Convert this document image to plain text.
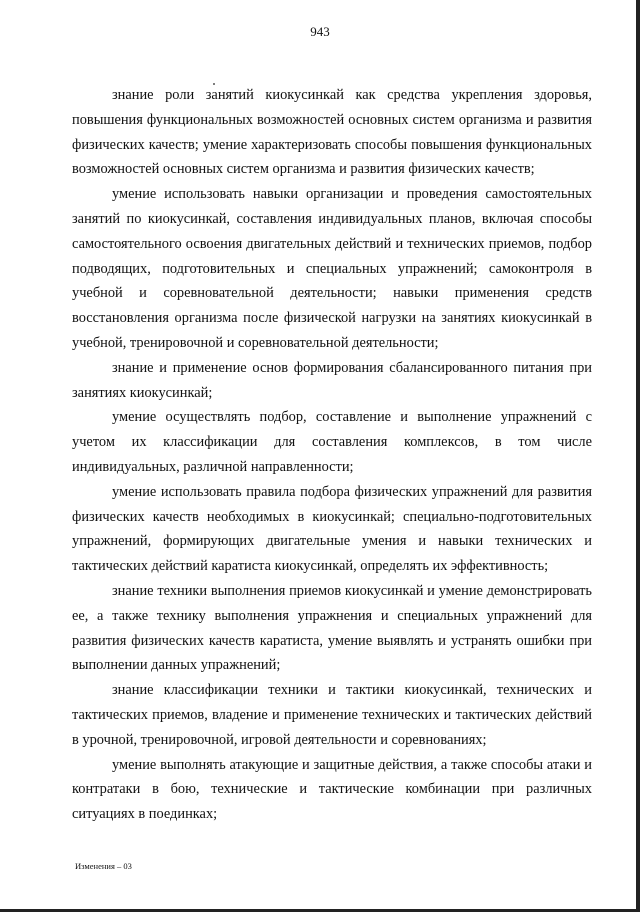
943

знание роли занятий киокусинкай как средства укрепления здоровья, повышения функциональных возможностей основных систем организма и развития физических качеств; умение характеризовать способы повышения функциональных возможностей основных систем организма и развития физических качеств;

умение использовать навыки организации и проведения самостоятельных занятий по киокусинкай, составления индивидуальных планов, включая способы самостоятельного освоения двигательных действий и технических приемов, подбор подводящих, подготовительных и специальных упражнений; самоконтроля в учебной и соревновательной деятельности; навыки применения средств восстановления организма после физической нагрузки на занятиях киокусинкай в учебной, тренировочной и соревновательной деятельности;

знание и применение основ формирования сбалансированного питания при занятиях киокусинкай;

умение осуществлять подбор, составление и выполнение упражнений с учетом их классификации для составления комплексов, в том числе индивидуальных, различной направленности;

умение использовать правила подбора физических упражнений для развития физических качеств необходимых в киокусинкай; специально-подготовительных упражнений, формирующих двигательные умения и навыки технических и тактических действий каратиста киокусинкай, определять их эффективность;

знание техники выполнения приемов киокусинкай и умение демонстрировать ее, а также технику выполнения упражнения и специальных упражнений для развития физических качеств каратиста, умение выявлять и устранять ошибки при выполнении данных упражнений;

знание классификации техники и тактики киокусинкай, технических и тактических приемов, владение и применение технических и тактических действий в урочной, тренировочной, игровой деятельности и соревнованиях;

умение выполнять атакующие и защитные действия, а также способы атаки и контратаки в бою, технические и тактические комбинации при различных ситуациях в поединках;

Изменения – 03
